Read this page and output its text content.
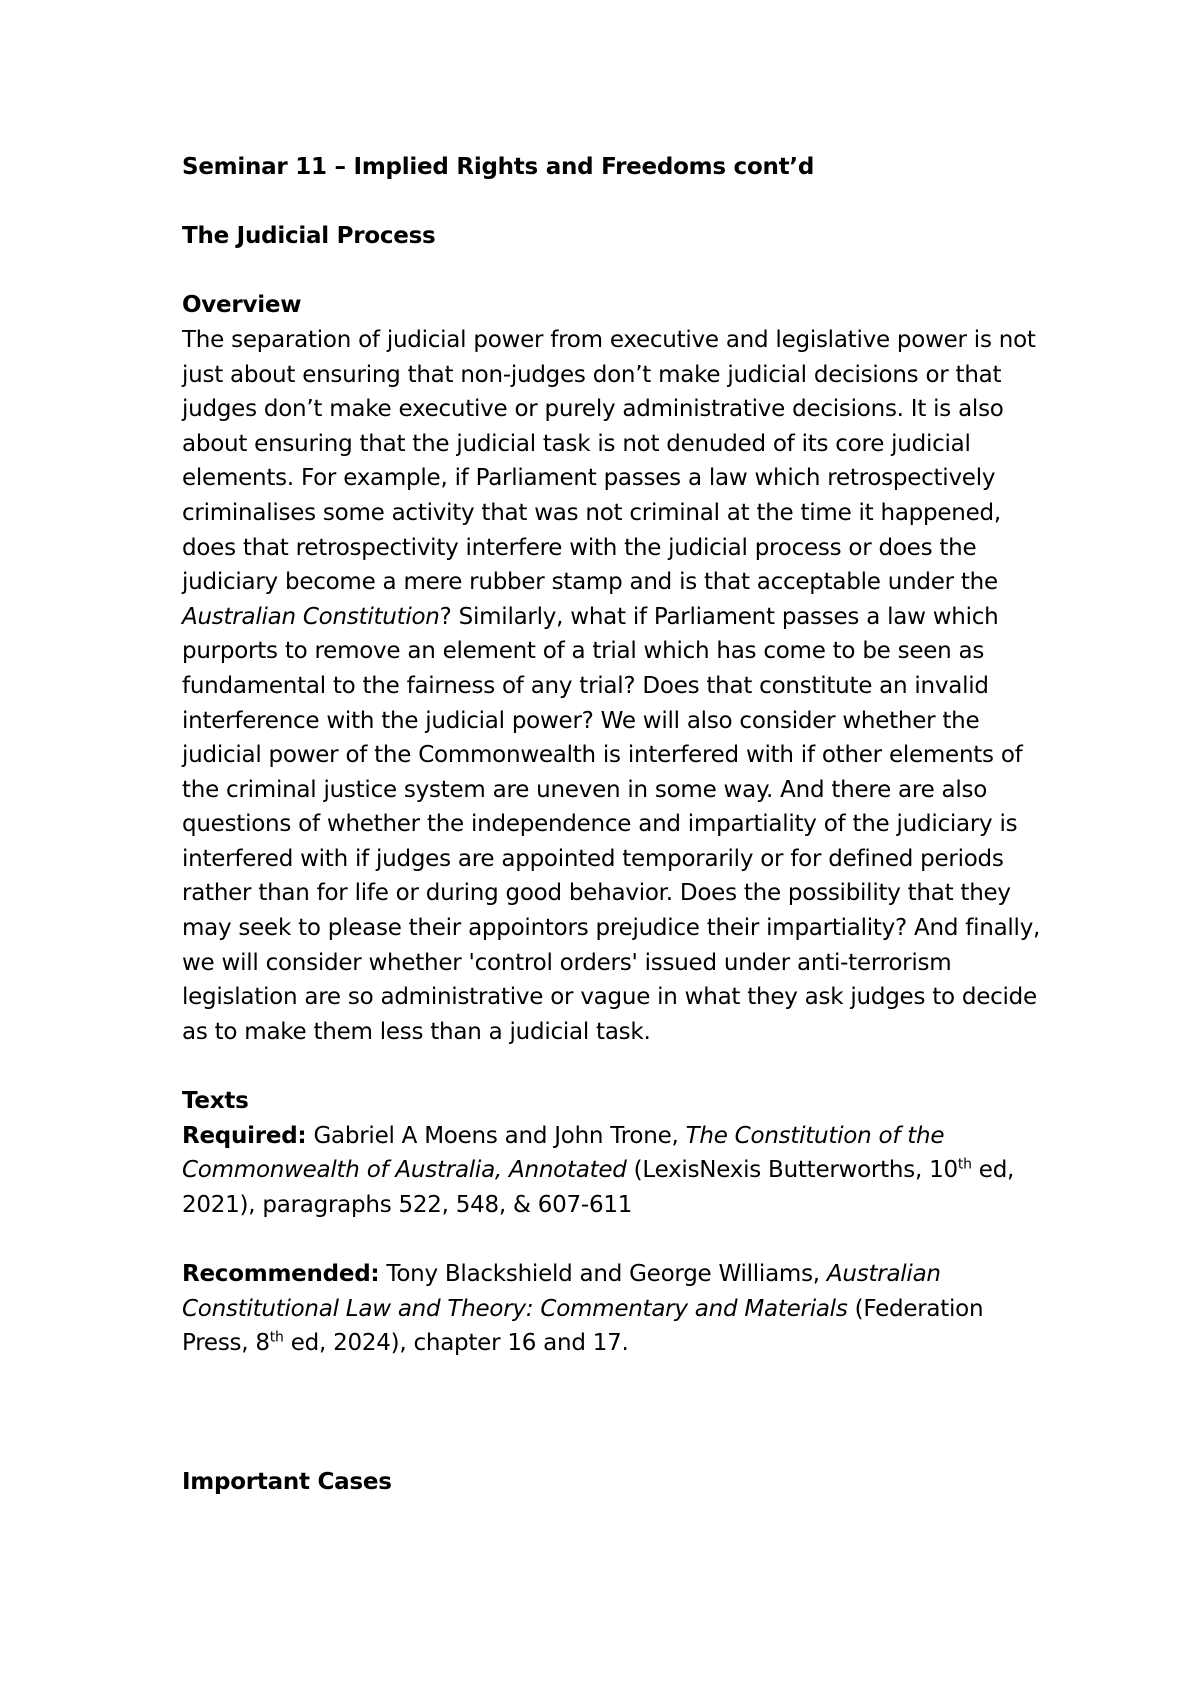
Seminar 11 – Implied Rights and Freedoms cont’d

The Judicial Process

Overview

The separation of judicial power from executive and legislative power is not just about ensuring that non-judges don’t make judicial decisions or that judges don’t make executive or purely administrative decisions. It is also about ensuring that the judicial task is not denuded of its core judicial elements. For example, if Parliament passes a law which retrospectively criminalises some activity that was not criminal at the time it happened, does that retrospectivity interfere with the judicial process or does the judiciary become a mere rubber stamp and is that acceptable under the Australian Constitution? Similarly, what if Parliament passes a law which purports to remove an element of a trial which has come to be seen as fundamental to the fairness of any trial? Does that constitute an invalid interference with the judicial power? We will also consider whether the judicial power of the Commonwealth is interfered with if other elements of the criminal justice system are uneven in some way. And there are also questions of whether the independence and impartiality of the judiciary is interfered with if judges are appointed temporarily or for defined periods rather than for life or during good behavior. Does the possibility that they may seek to please their appointors prejudice their impartiality? And finally, we will consider whether 'control orders' issued under anti-terrorism legislation are so administrative or vague in what they ask judges to decide as to make them less than a judicial task.

Texts

Required: Gabriel A Moens and John Trone, The Constitution of the Commonwealth of Australia, Annotated (LexisNexis Butterworths, 10th ed, 2021), paragraphs 522, 548, & 607-611

Recommended: Tony Blackshield and George Williams, Australian Constitutional Law and Theory: Commentary and Materials (Federation Press, 8th ed, 2024), chapter 16 and 17.

Important Cases
